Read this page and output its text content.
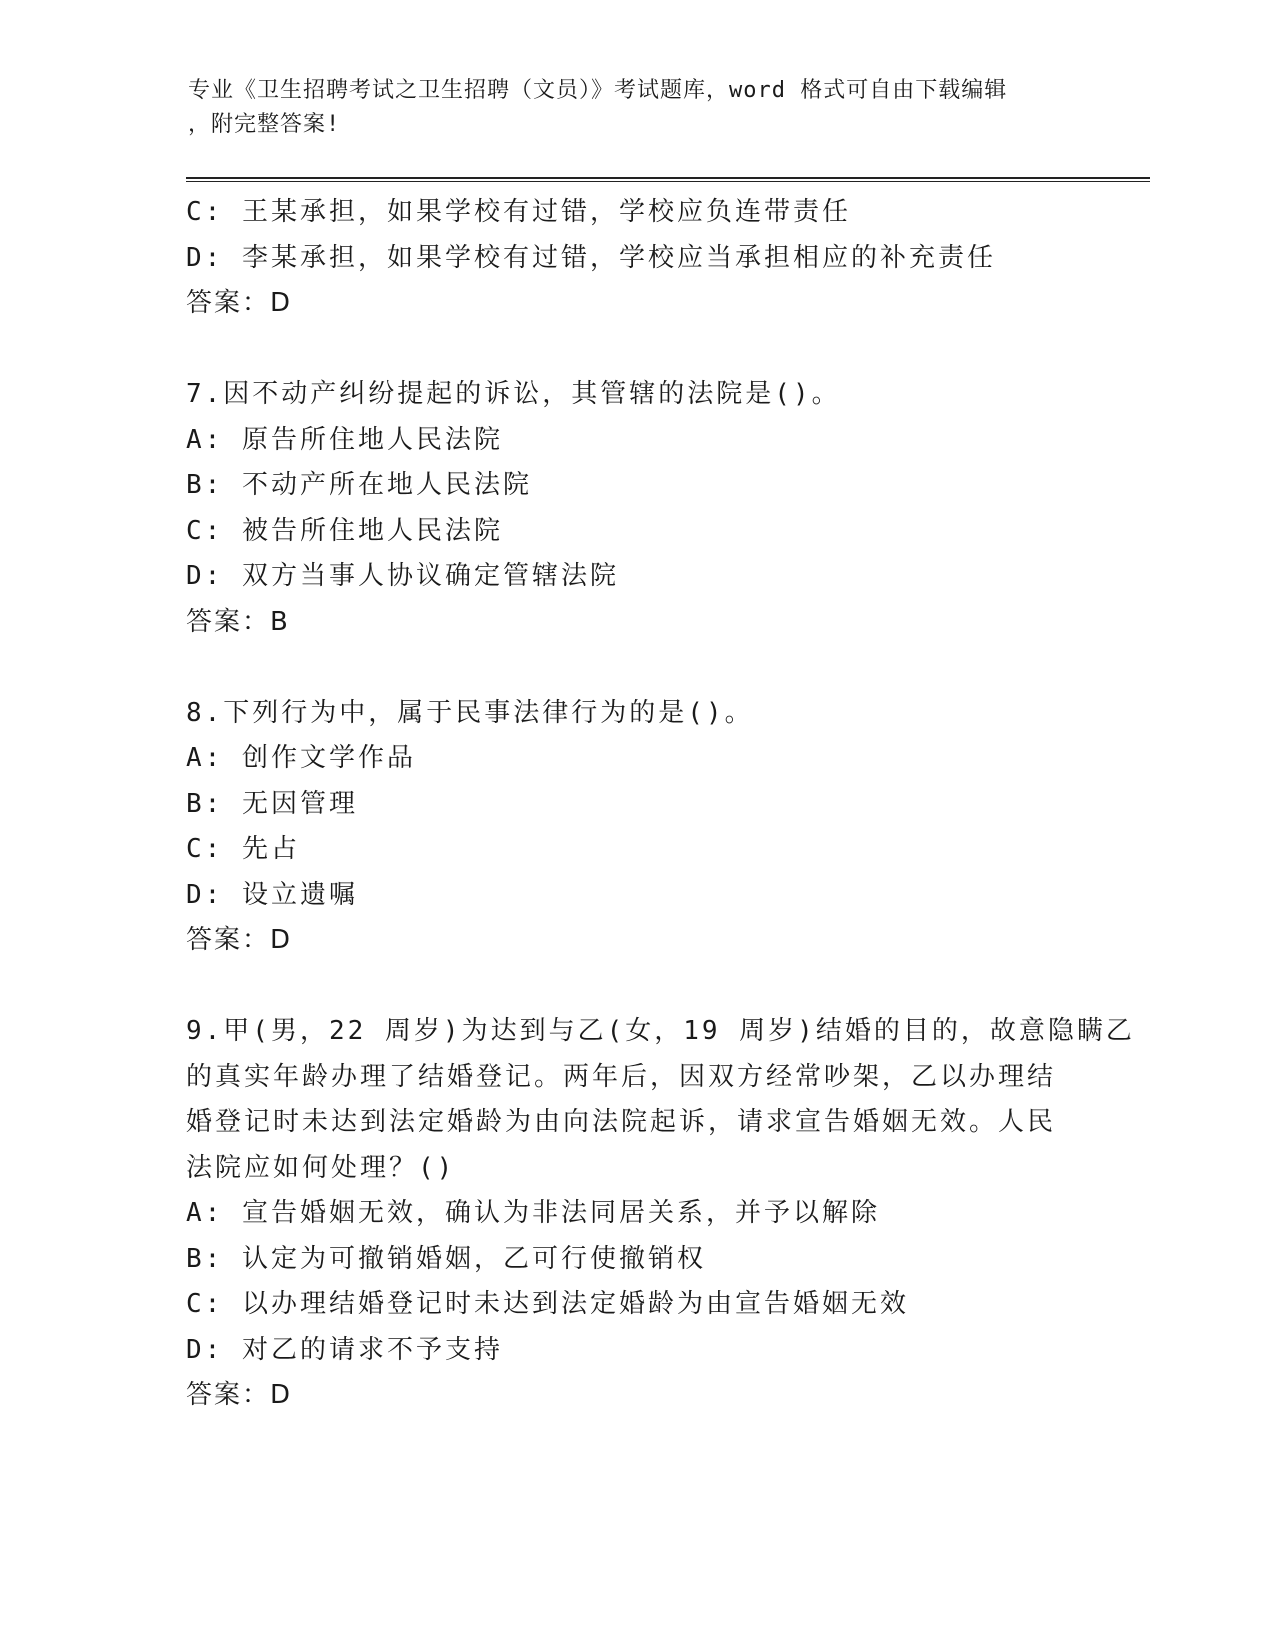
专业《卫生招聘考试之卫生招聘（文员）》考试题库，word 格式可自由下载编辑
，附完整答案!
C: 王某承担，如果学校有过错，学校应负连带责任
D: 李某承担，如果学校有过错，学校应当承担相应的补充责任
答案：D
7.因不动产纠纷提起的诉讼，其管辖的法院是()。
A: 原告所住地人民法院
B: 不动产所在地人民法院
C: 被告所住地人民法院
D: 双方当事人协议确定管辖法院
答案：B
8.下列行为中，属于民事法律行为的是()。
A: 创作文学作品
B: 无因管理
C: 先占
D: 设立遗嘱
答案：D
9.甲(男，22 周岁)为达到与乙(女，19 周岁)结婚的目的，故意隐瞒乙
的真实年龄办理了结婚登记。两年后，因双方经常吵架，乙以办理结
婚登记时未达到法定婚龄为由向法院起诉，请求宣告婚姻无效。人民
法院应如何处理？()
A: 宣告婚姻无效，确认为非法同居关系，并予以解除
B: 认定为可撤销婚姻，乙可行使撤销权
C: 以办理结婚登记时未达到法定婚龄为由宣告婚姻无效
D: 对乙的请求不予支持
答案：D
